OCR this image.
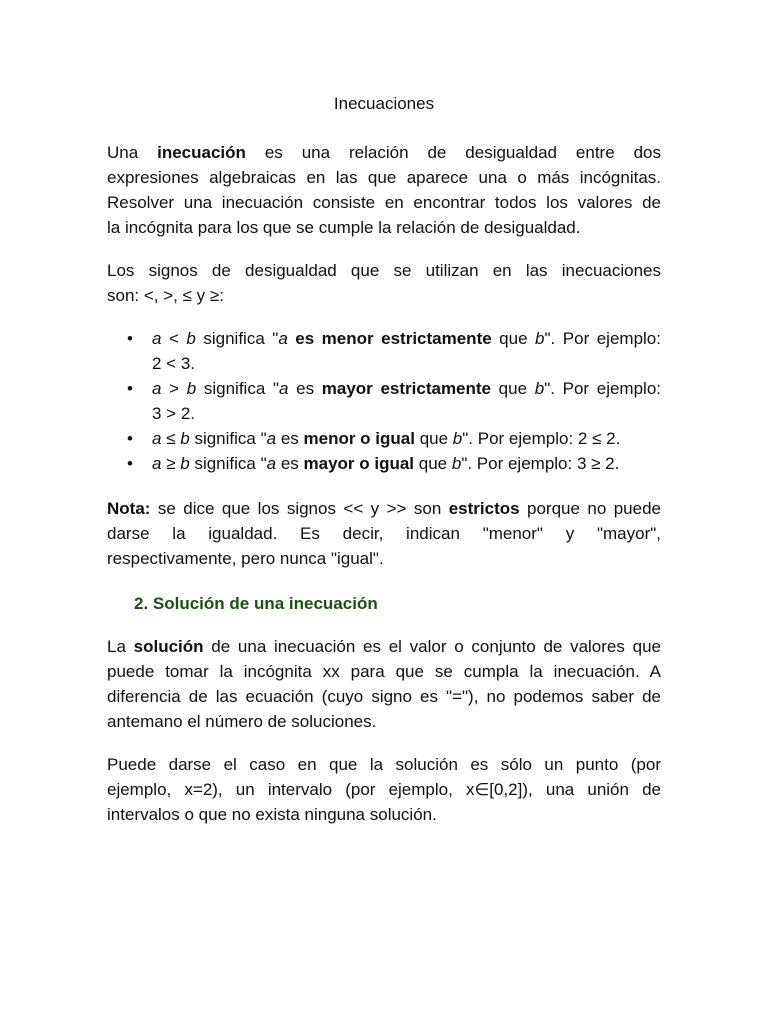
Inecuaciones
Una inecuación es una relación de desigualdad entre dos
expresiones algebraicas en las que aparece una o más incógnitas.
Resolver una inecuación consiste en encontrar todos los valores de
la incógnita para los que se cumple la relación de desigualdad.
Los signos de desigualdad que se utilizan en las inecuaciones
son: <, >, ≤ y ≥:
• a < b significa "a es menor estrictamente que b". Por ejemplo:
2 < 3.
• a > b significa "a es mayor estrictamente que b". Por ejemplo:
3 > 2.
• a ≤ b significa "a es menor o igual que b". Por ejemplo: 2 ≤ 2.
• a ≥ b significa "a es mayor o igual que b". Por ejemplo: 3 ≥ 2.
Nota: se dice que los signos << y >> son estrictos porque no puede
darse la igualdad. Es decir, indican "menor" y "mayor",
respectivamente, pero nunca "igual".
2. Solución de una inecuación
La solución de una inecuación es el valor o conjunto de valores que
puede tomar la incógnita xx para que se cumpla la inecuación. A
diferencia de las ecuación (cuyo signo es "="), no podemos saber de
antemano el número de soluciones.
Puede darse el caso en que la solución es sólo un punto (por
ejemplo, x=2), un intervalo (por ejemplo, x∈[0,2]), una unión de
intervalos o que no exista ninguna solución.
